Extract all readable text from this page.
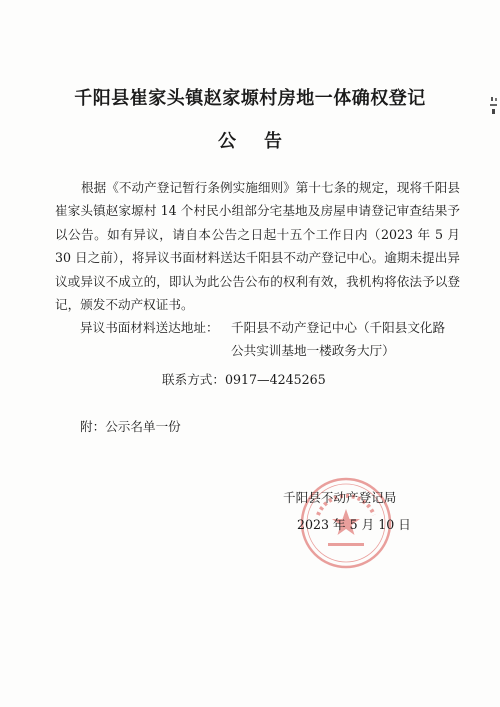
千阳县崔家头镇赵家塬村房地一体确权登记
公告

根据《不动产登记暂行条例实施细则》第十七条的规定，现将千阳县崔家头镇赵家塬村 14 个村民小组部分宅基地及房屋申请登记审查结果予以公告。如有异议，请自本公告之日起十五个工作日内（2023 年 5 月 30 日之前），将异议书面材料送达千阳县不动产登记中心。逾期未提出异议或异议不成立的，即认为此公告公布的权利有效，我机构将依法予以登记，颁发不动产权证书。

异议书面材料送达地址： 千阳县不动产登记中心（千阳县文化路

公共实训基地一楼政务大厅）

联系方式：0917—4245265

附：公示名单一份

千阳县不动产登记局

2023 年 5 月 10 日
